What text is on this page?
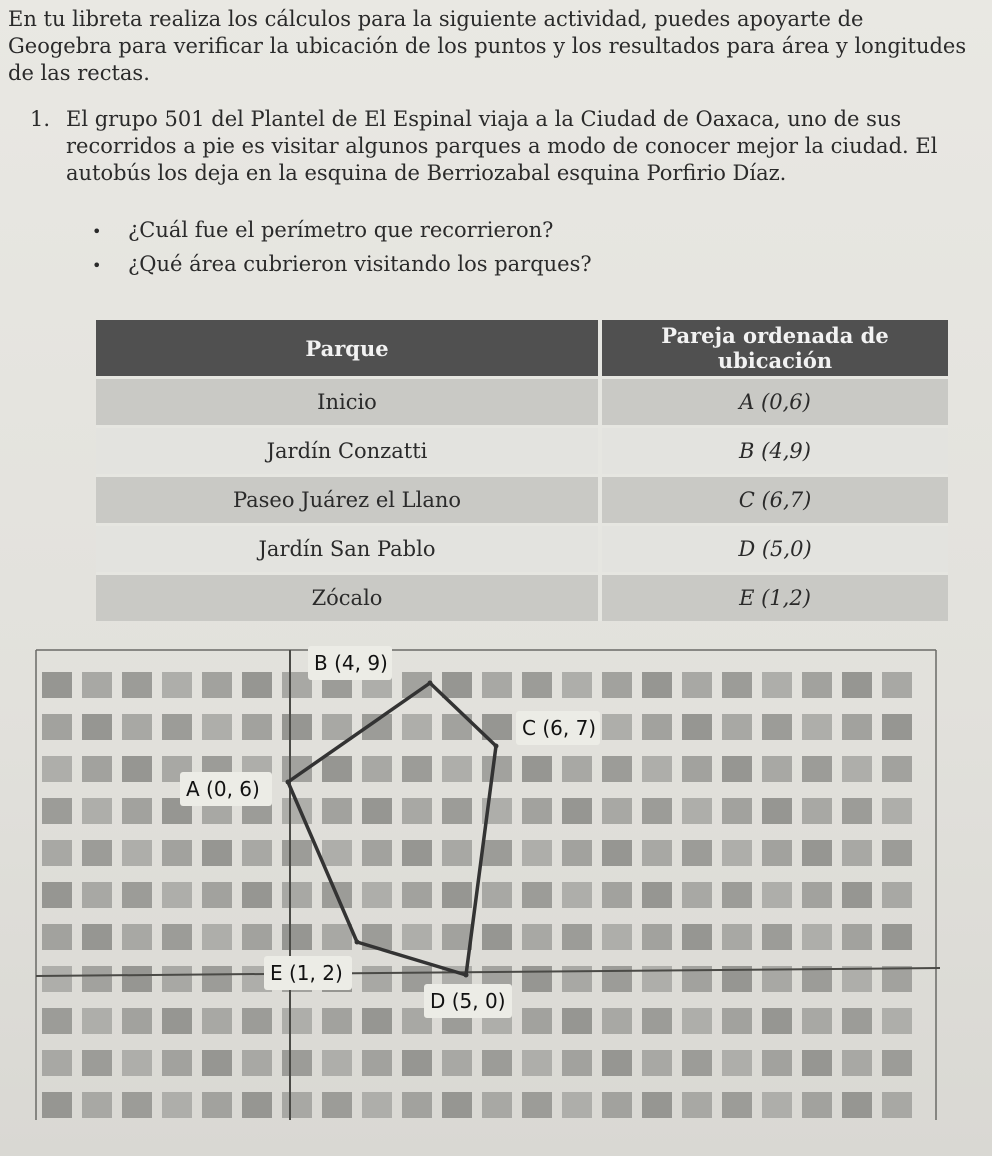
En tu libreta realiza los cálculos para la siguiente actividad, puedes apoyarte de Geogebra para verificar la ubicación de los puntos y los resultados para área y longitudes de las rectas.

1. El grupo 501 del Plantel de El Espinal viaja a la Ciudad de Oaxaca, uno de sus recorridos a pie es visitar algunos parques a modo de conocer mejor la ciudad. El autobús los deja en la esquina de Berriozabal esquina Porfirio Díaz.
• ¿Cuál fue el perímetro que recorrieron?
• ¿Qué área cubrieron visitando los parques?
Parque	Pareja ordenada de ubicación
Inicio	A (0,6)
Jardín Conzatti	B (4,9)
Paseo Juárez el Llano	C (6,7)
Jardín San Pablo	D (5,0)
Zócalo	E (1,2)
A (0, 6)
B (4, 9)
C (6, 7)
D (5, 0)
E (1, 2)
